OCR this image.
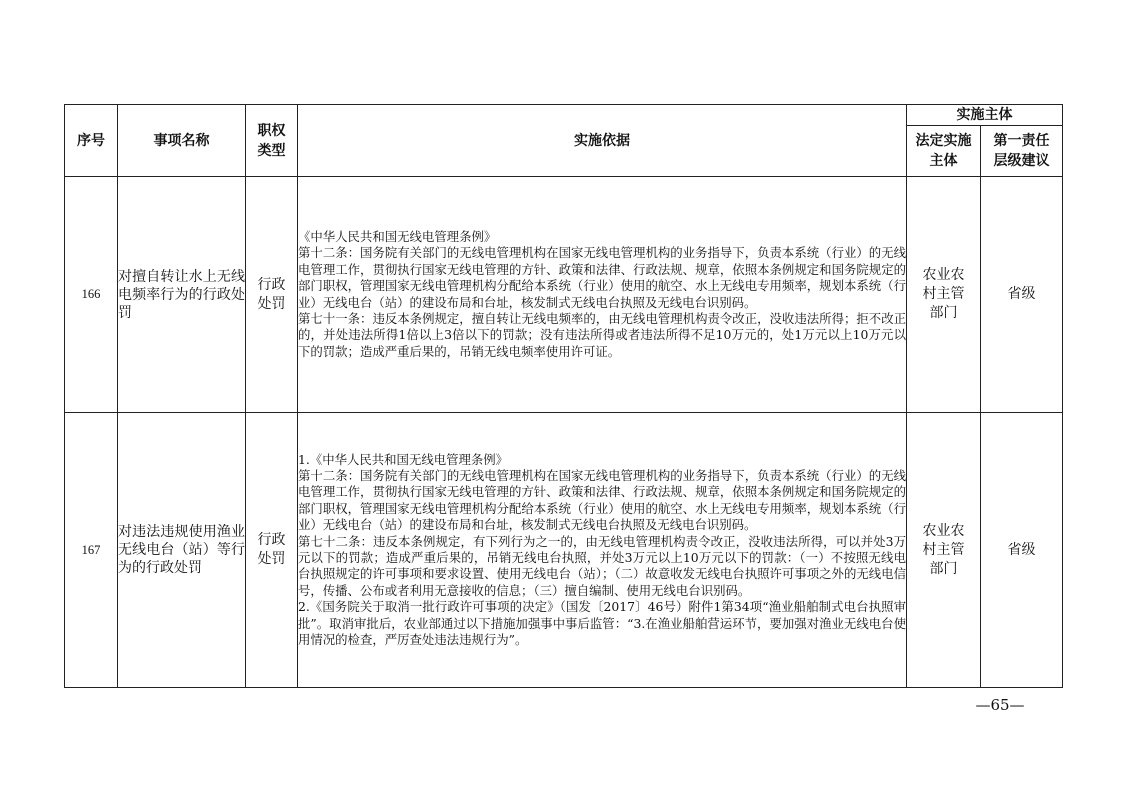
序号	事项名称	职权类型	实施依据	实施主体	
				法定实施主体	第一责任层级建议
166	对擅自转让水上无线电频率行为的行政处罚	行政处罚	《中华人民共和国无线电管理条例》

第十二条：国务院有关部门的无线电管理机构在国家无线电管理机构的业务指导下，负责本系统（行业）的无线电管理工作，贯彻执行国家无线电管理的方针、政策和法律、行政法规、规章，依照本条例规定和国务院规定的部门职权，管理国家无线电管理机构分配给本系统（行业）使用的航空、水上无线电专用频率，规划本系统（行业）无线电台（站）的建设布局和台址，核发制式无线电台执照及无线电台识别码。

第七十一条：违反本条例规定，擅自转让无线电频率的，由无线电管理机构责令改正，没收违法所得；拒不改正的，并处违法所得1倍以上3倍以下的罚款；没有违法所得或者违法所得不足10万元的，处1万元以上10万元以下的罚款；造成严重后果的，吊销无线电频率使用许可证。	农业农村主管部门	省级
167	对违法违规使用渔业无线电台（站）等行为的行政处罚	行政处罚	1.《中华人民共和国无线电管理条例》

第十二条：国务院有关部门的无线电管理机构在国家无线电管理机构的业务指导下，负责本系统（行业）的无线电管理工作，贯彻执行国家无线电管理的方针、政策和法律、行政法规、规章，依照本条例规定和国务院规定的部门职权，管理国家无线电管理机构分配给本系统（行业）使用的航空、水上无线电专用频率，规划本系统（行业）无线电台（站）的建设布局和台址，核发制式无线电台执照及无线电台识别码。

第七十二条：违反本条例规定，有下列行为之一的，由无线电管理机构责令改正，没收违法所得，可以并处3万元以下的罚款；造成严重后果的，吊销无线电台执照，并处3万元以上10万元以下的罚款：（一）不按照无线电台执照规定的许可事项和要求设置、使用无线电台（站）；（二）故意收发无线电台执照许可事项之外的无线电信号，传播、公布或者利用无意接收的信息；（三）擅自编制、使用无线电台识别码。

2.《国务院关于取消一批行政许可事项的决定》（国发〔2017〕46号）附件1第34项“渔业船舶制式电台执照审批”。取消审批后，农业部通过以下措施加强事中事后监管：“3.在渔业船舶营运环节，要加强对渔业无线电台使用情况的检查，严厉查处违法违规行为”。	农业农村主管部门	省级
—65—
